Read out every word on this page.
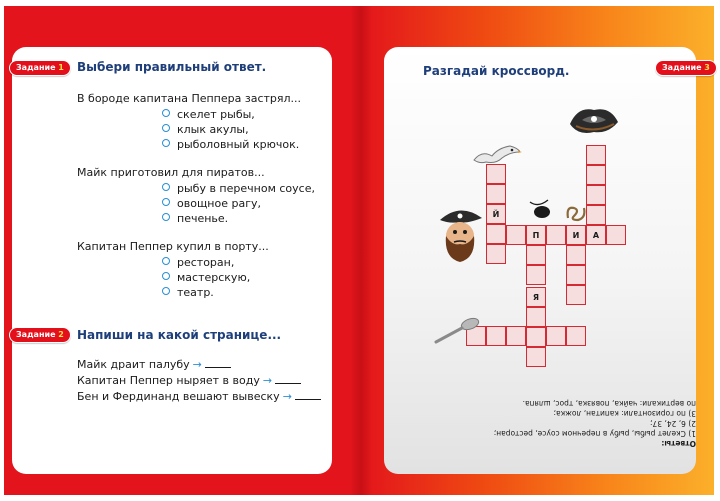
Задание 1	Выбери правильный ответ.
В бороде капитана Пеппера застрял...
скелет рыбы,
клык акулы,
рыболовный крючок.
Майк приготовил для пиратов...
рыбу в перечном соусе,
овощное рагу,
печенье.
Капитан Пеппер купил в порту...
ресторан,
мастерскую,
театр.
Задание 2	Напиши на какой странице...
Майк драит палубу →
Капитан Пеппер ныряет в воду →
Бен и Фердинанд вешают вывеску →
Разгадай кроссворд.	Задание 3
Й
П	И А
Я
Ответы:
1) Скелет рыбы, рыбу в перечном соусе, ресторан;
2) 6, 24, 37;
3) по горизонтали: капитан, ложка;
по вертикали: чайка, повязка, трос, шляпа.
